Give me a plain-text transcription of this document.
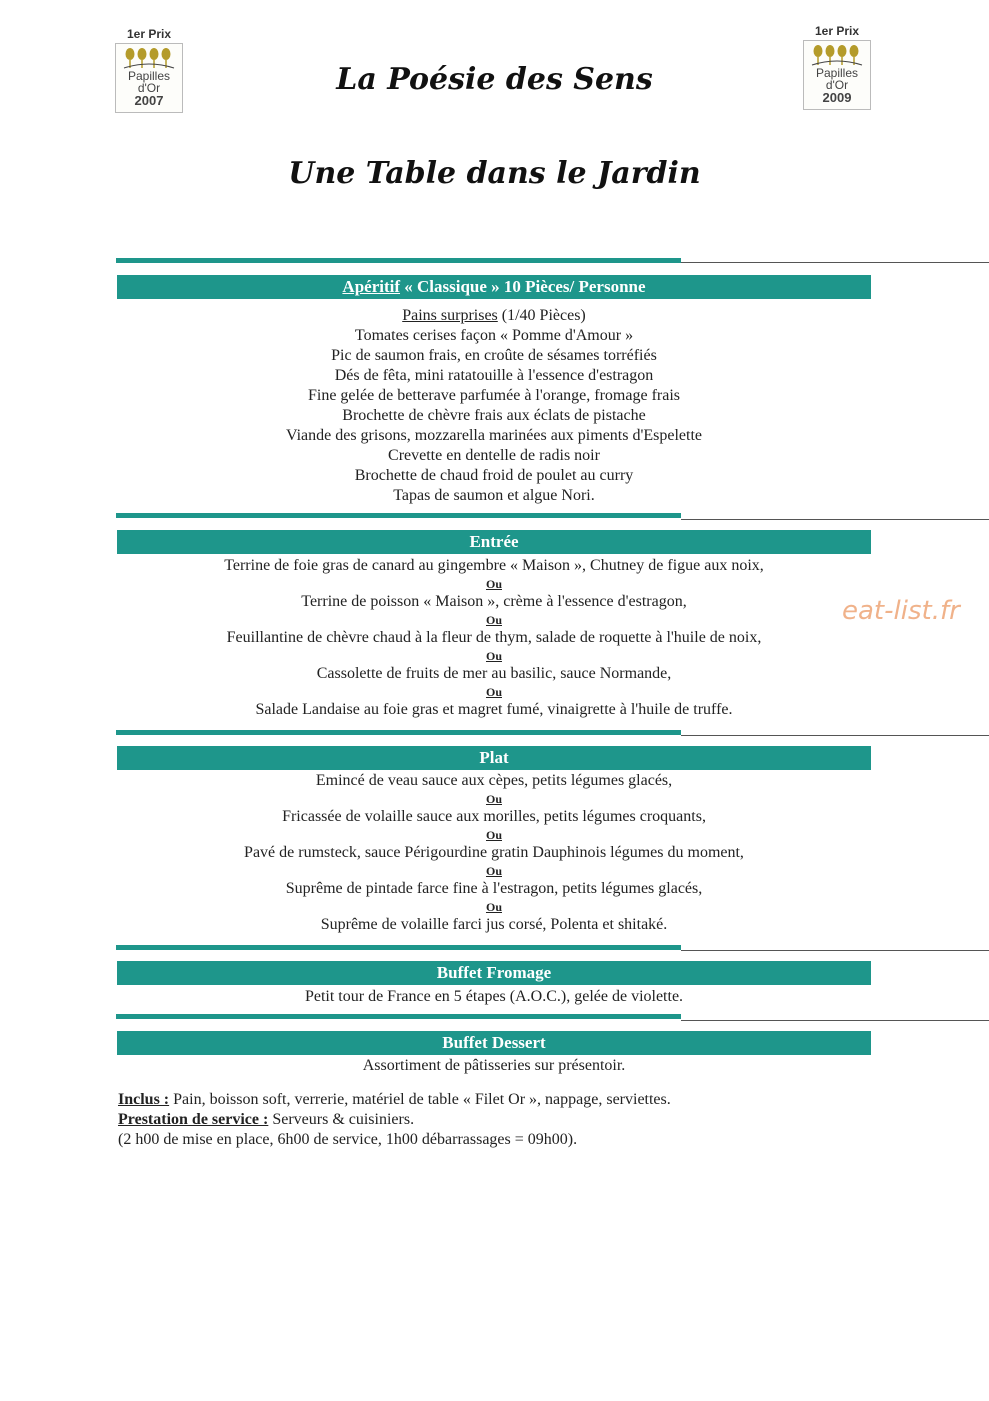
1er Prix
Papilles
d'Or
2007
1er Prix
Papilles
d'Or
2009
La Poésie des Sens
Une Table dans le Jardin
Apéritif « Classique » 10 Pièces/ Personne
Pains surprises (1/40 Pièces)
Tomates cerises façon « Pomme d'Amour »
Pic de saumon frais, en croûte de sésames torréfiés
Dés de fêta, mini ratatouille à l'essence d'estragon
Fine gelée de betterave parfumée à l'orange, fromage frais
Brochette de chèvre frais aux éclats de pistache
Viande des grisons, mozzarella marinées aux piments d'Espelette
Crevette en dentelle de radis noir
Brochette de chaud froid de poulet au curry
Tapas de saumon et algue Nori.
Entrée
Terrine de foie gras de canard au gingembre « Maison », Chutney de figue aux noix,
Ou
Terrine de poisson « Maison », crème à l'essence d'estragon,
Ou
Feuillantine de chèvre chaud à la fleur de thym, salade de roquette à l'huile de noix,
Ou
Cassolette de fruits de mer au basilic, sauce Normande,
Ou
Salade Landaise au foie gras et magret fumé, vinaigrette à l'huile de truffe.
Plat
Emincé de veau sauce aux cèpes, petits légumes glacés,
Ou
Fricassée de volaille sauce aux morilles, petits légumes croquants,
Ou
Pavé de rumsteck, sauce Périgourdine gratin Dauphinois légumes du moment,
Ou
Suprême de pintade farce fine à l'estragon, petits légumes glacés,
Ou
Suprême de volaille farci jus corsé, Polenta et shitaké.
Buffet Fromage
Petit tour de France en 5 étapes (A.O.C.), gelée de violette.
Buffet Dessert
Assortiment de pâtisseries sur présentoir.
Inclus : Pain, boisson soft, verrerie, matériel de table « Filet Or », nappage, serviettes.
Prestation de service : Serveurs & cuisiniers.
(2 h00 de mise en place, 6h00 de service, 1h00 débarrassages = 09h00).
eat-list.fr
